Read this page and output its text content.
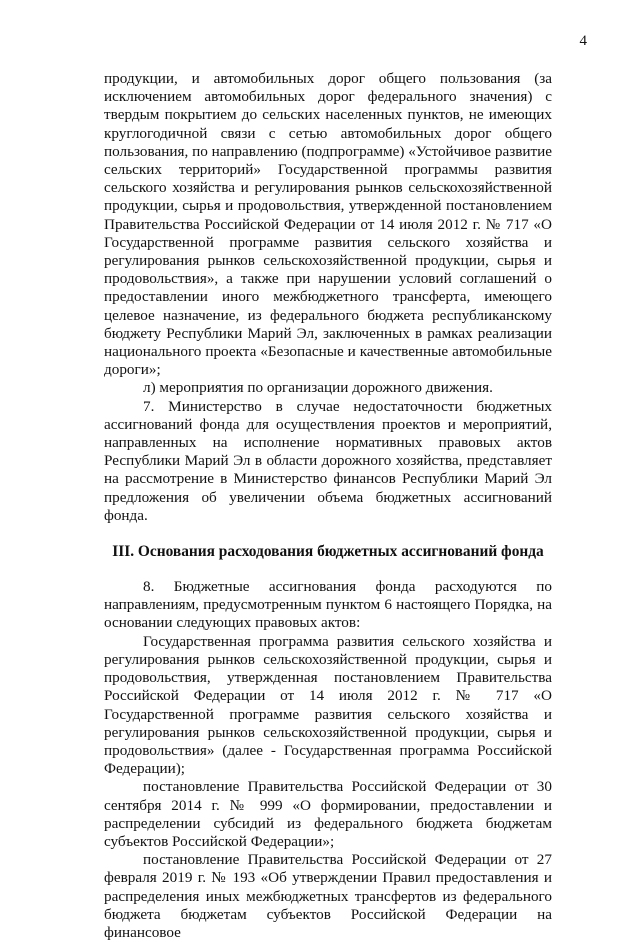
4

продукции, и автомобильных дорог общего пользования (за исключением автомобильных дорог федерального значения) с твердым покрытием до сельских населенных пунктов, не имеющих круглогодичной связи с сетью автомобильных дорог общего пользования, по направлению (подпрограмме) «Устойчивое развитие сельских территорий» Государственной программы развития сельского хозяйства и регулирования рынков сельскохозяйственной продукции, сырья и продовольствия, утвержденной постановлением Правительства Российской Федерации от 14 июля 2012 г. № 717 «О Государственной программе развития сельского хозяйства и регулирования рынков сельскохозяйственной продукции, сырья и продовольствия», а также при нарушении условий соглашений о предоставлении иного межбюджетного трансферта, имеющего целевое назначение, из федерального бюджета республиканскому бюджету Республики Марий Эл, заключенных в рамках реализации национального проекта «Безопасные и качественные автомобильные дороги»;

л) мероприятия по организации дорожного движения.

7. Министерство в случае недостаточности бюджетных ассигнований фонда для осуществления проектов и мероприятий, направленных на исполнение нормативных правовых актов Республики Марий Эл в области дорожного хозяйства, представляет на рассмотрение в Министерство финансов Республики Марий Эл предложения об увеличении объема бюджетных ассигнований фонда.

III. Основания расходования бюджетных ассигнований фонда

8. Бюджетные ассигнования фонда расходуются по направлениям, предусмотренным пунктом 6 настоящего Порядка, на основании следующих правовых актов:

Государственная программа развития сельского хозяйства и регулирования рынков сельскохозяйственной продукции, сырья и продовольствия, утвержденная постановлением Правительства Российской Федерации от 14 июля 2012 г. № 717 «О Государственной программе развития сельского хозяйства и регулирования рынков сельскохозяйственной продукции, сырья и продовольствия» (далее - Государственная программа Российской Федерации);

постановление Правительства Российской Федерации от 30 сентября 2014 г. № 999 «О формировании, предоставлении и распределении субсидий из федерального бюджета бюджетам субъектов Российской Федерации»;

постановление Правительства Российской Федерации от 27 февраля 2019 г. № 193 «Об утверждении Правил предоставления и распределения иных межбюджетных трансфертов из федерального бюджета бюджетам субъектов Российской Федерации на финансовое
